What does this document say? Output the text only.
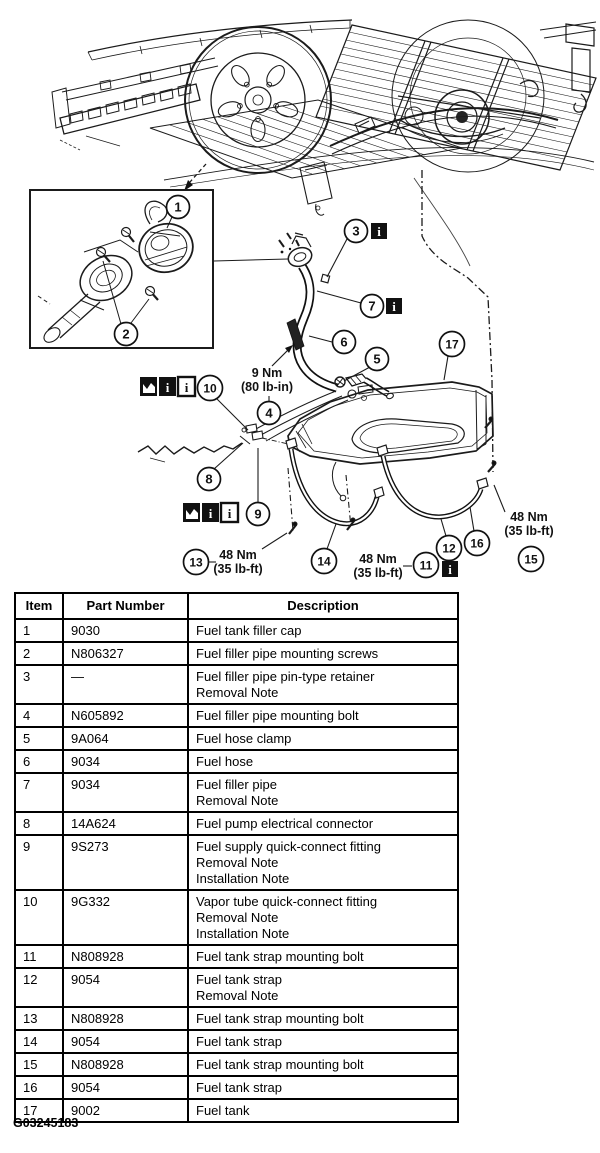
9 Nm
(80 lb-in)
48 Nm
(35 lb-ft)
48 Nm
(35 lb-ft)
48 Nm
(35 lb-ft)
i i
i i
i
i
i
1
2
3
4
5
6
7
8
9
10
11
12
13	14	15
16
17
Item	Part Number	Description
1	9030	Fuel tank filler cap

2	N806327	Fuel filler pipe mounting screws

3	—	Fuel filler pipe pin-type retainer
Removal Note

4	N605892	Fuel filler pipe mounting bolt

5	9A064	Fuel hose clamp

6	9034	Fuel hose

7	9034	Fuel filler pipe
Removal Note

8	14A624	Fuel pump electrical connector

9	9S273	Fuel supply quick-connect fitting
Removal Note
Installation Note

10	9G332	Vapor tube quick-connect fitting
Removal Note
Installation Note

11	N808928	Fuel tank strap mounting bolt

12	9054	Fuel tank strap
Removal Note

13	N808928	Fuel tank strap mounting bolt

14	9054	Fuel tank strap

15	N808928	Fuel tank strap mounting bolt

16	9054	Fuel tank strap

17	9002	Fuel tank
G03245183
